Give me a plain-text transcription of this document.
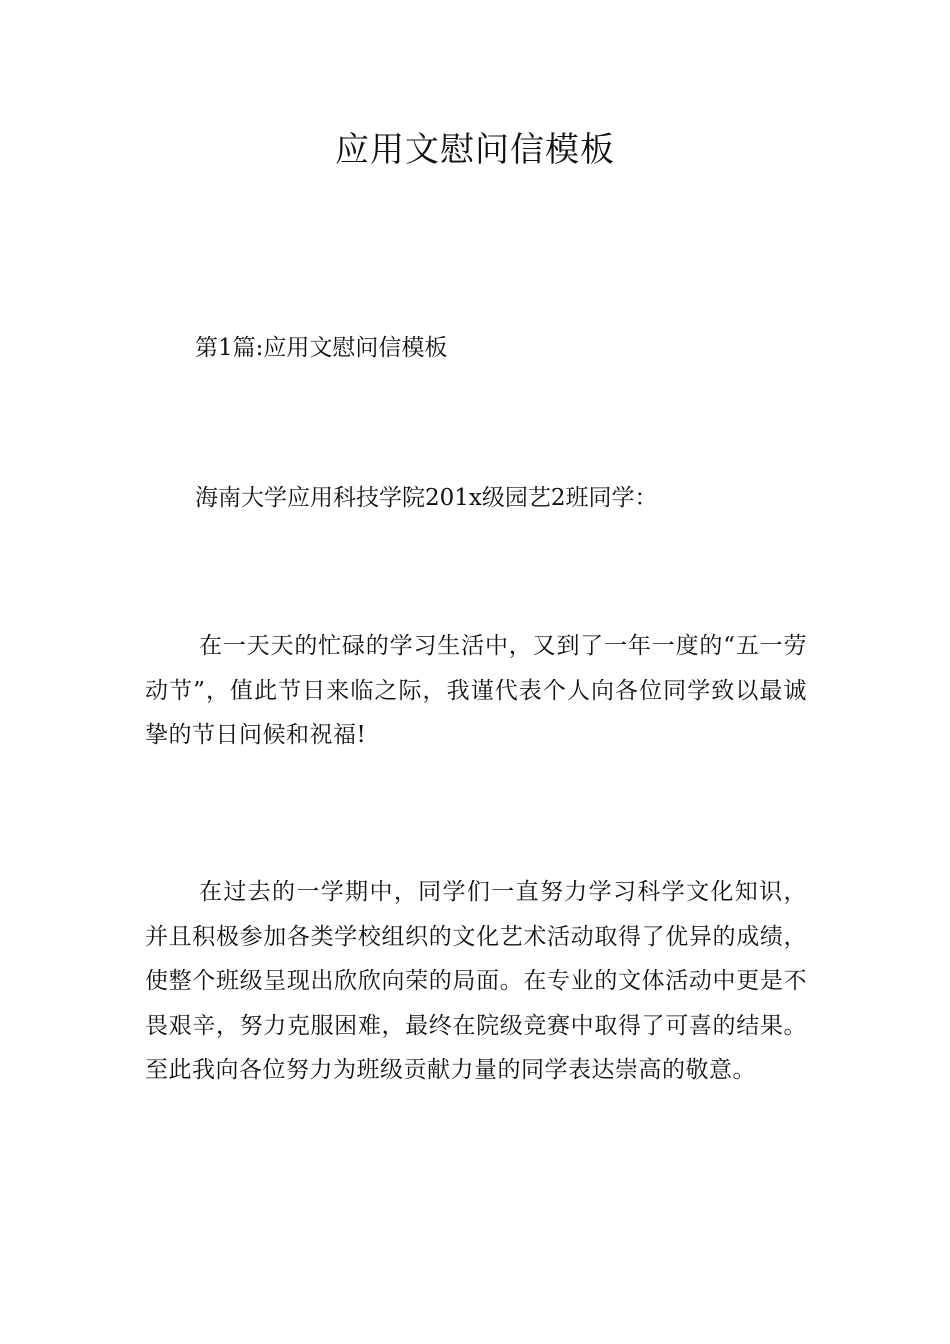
应用文慰问信模板

第1篇:应用文慰问信模板

海南大学应用科技学院201x级园艺2班同学：

在一天天的忙碌的学习生活中，又到了一年一度的“五一劳动节”，值此节日来临之际，我谨代表个人向各位同学致以最诚挚的节日问候和祝福!

在过去的一学期中，同学们一直努力学习科学文化知识，并且积极参加各类学校组织的文化艺术活动取得了优异的成绩，使整个班级呈现出欣欣向荣的局面。在专业的文体活动中更是不畏艰辛，努力克服困难，最终在院级竞赛中取得了可喜的结果。至此我向各位努力为班级贡献力量的同学表达崇高的敬意。
